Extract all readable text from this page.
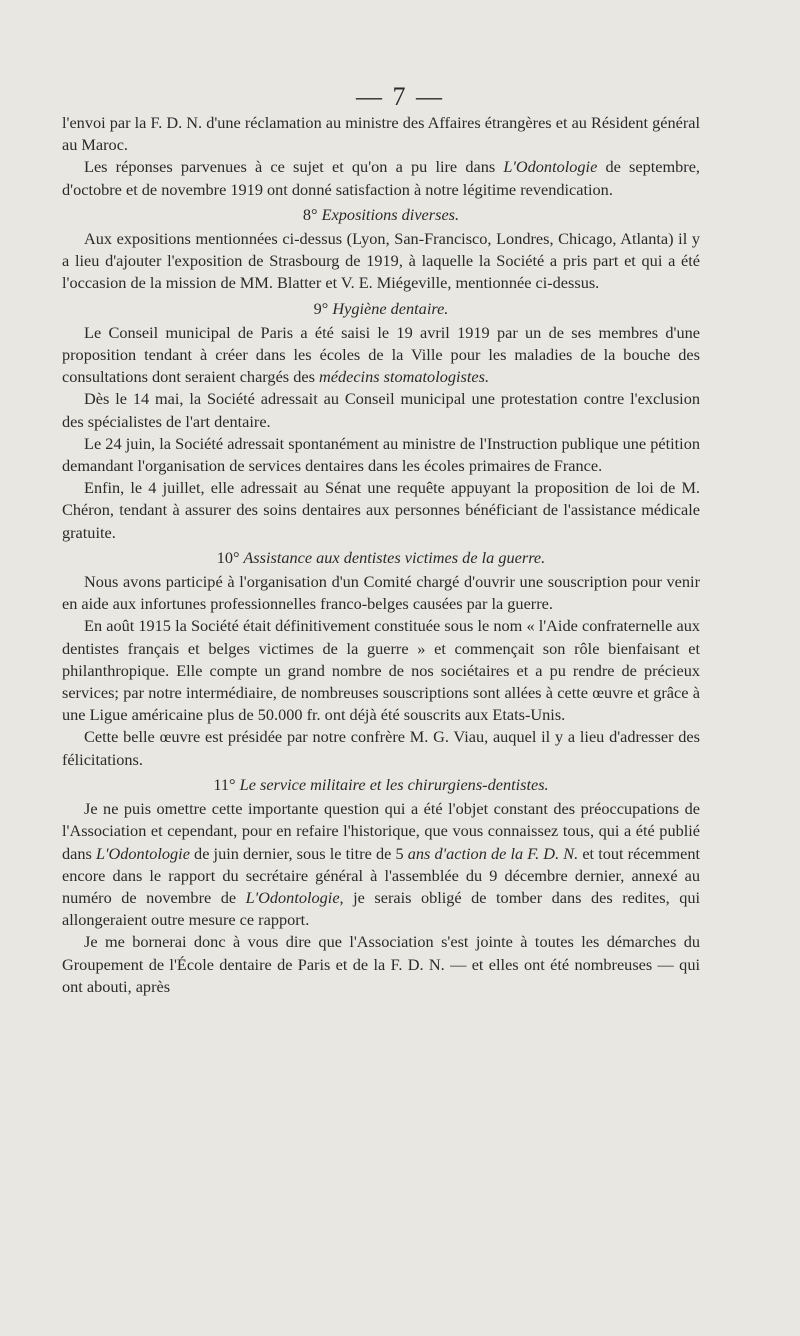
— 7 —

l'envoi par la F. D. N. d'une réclamation au ministre des Affaires étrangères et au Résident général au Maroc.

Les réponses parvenues à ce sujet et qu'on a pu lire dans L'Odontologie de septembre, d'octobre et de novembre 1919 ont donné satisfaction à notre légitime revendication.

8° Expositions diverses.

Aux expositions mentionnées ci-dessus (Lyon, San-Francisco, Londres, Chicago, Atlanta) il y a lieu d'ajouter l'exposition de Strasbourg de 1919, à laquelle la Société a pris part et qui a été l'occasion de la mission de MM. Blatter et V. E. Miégeville, mentionnée ci-dessus.

9° Hygiène dentaire.

Le Conseil municipal de Paris a été saisi le 19 avril 1919 par un de ses membres d'une proposition tendant à créer dans les écoles de la Ville pour les maladies de la bouche des consultations dont seraient chargés des médecins stomatologistes.

Dès le 14 mai, la Société adressait au Conseil municipal une protestation contre l'exclusion des spécialistes de l'art dentaire.

Le 24 juin, la Société adressait spontanément au ministre de l'Instruction publique une pétition demandant l'organisation de services dentaires dans les écoles primaires de France.

Enfin, le 4 juillet, elle adressait au Sénat une requête appuyant la proposition de loi de M. Chéron, tendant à assurer des soins dentaires aux personnes bénéficiant de l'assistance médicale gratuite.

10° Assistance aux dentistes victimes de la guerre.

Nous avons participé à l'organisation d'un Comité chargé d'ouvrir une souscription pour venir en aide aux infortunes professionnelles franco-belges causées par la guerre.

En août 1915 la Société était définitivement constituée sous le nom « l'Aide confraternelle aux dentistes français et belges victimes de la guerre » et commençait son rôle bienfaisant et philanthropique. Elle compte un grand nombre de nos sociétaires et a pu rendre de précieux services; par notre intermédiaire, de nombreuses souscriptions sont allées à cette œuvre et grâce à une Ligue américaine plus de 50.000 fr. ont déjà été souscrits aux Etats-Unis.

Cette belle œuvre est présidée par notre confrère M. G. Viau, auquel il y a lieu d'adresser des félicitations.

11° Le service militaire et les chirurgiens-dentistes.

Je ne puis omettre cette importante question qui a été l'objet constant des préoccupations de l'Association et cependant, pour en refaire l'historique, que vous connaissez tous, qui a été publié dans L'Odontologie de juin dernier, sous le titre de 5 ans d'action de la F. D. N. et tout récemment encore dans le rapport du secrétaire général à l'assemblée du 9 décembre dernier, annexé au numéro de novembre de L'Odontologie, je serais obligé de tomber dans des redites, qui allongeraient outre mesure ce rapport.

Je me bornerai donc à vous dire que l'Association s'est jointe à toutes les démarches du Groupement de l'École dentaire de Paris et de la F. D. N. — et elles ont été nombreuses — qui ont abouti, après
